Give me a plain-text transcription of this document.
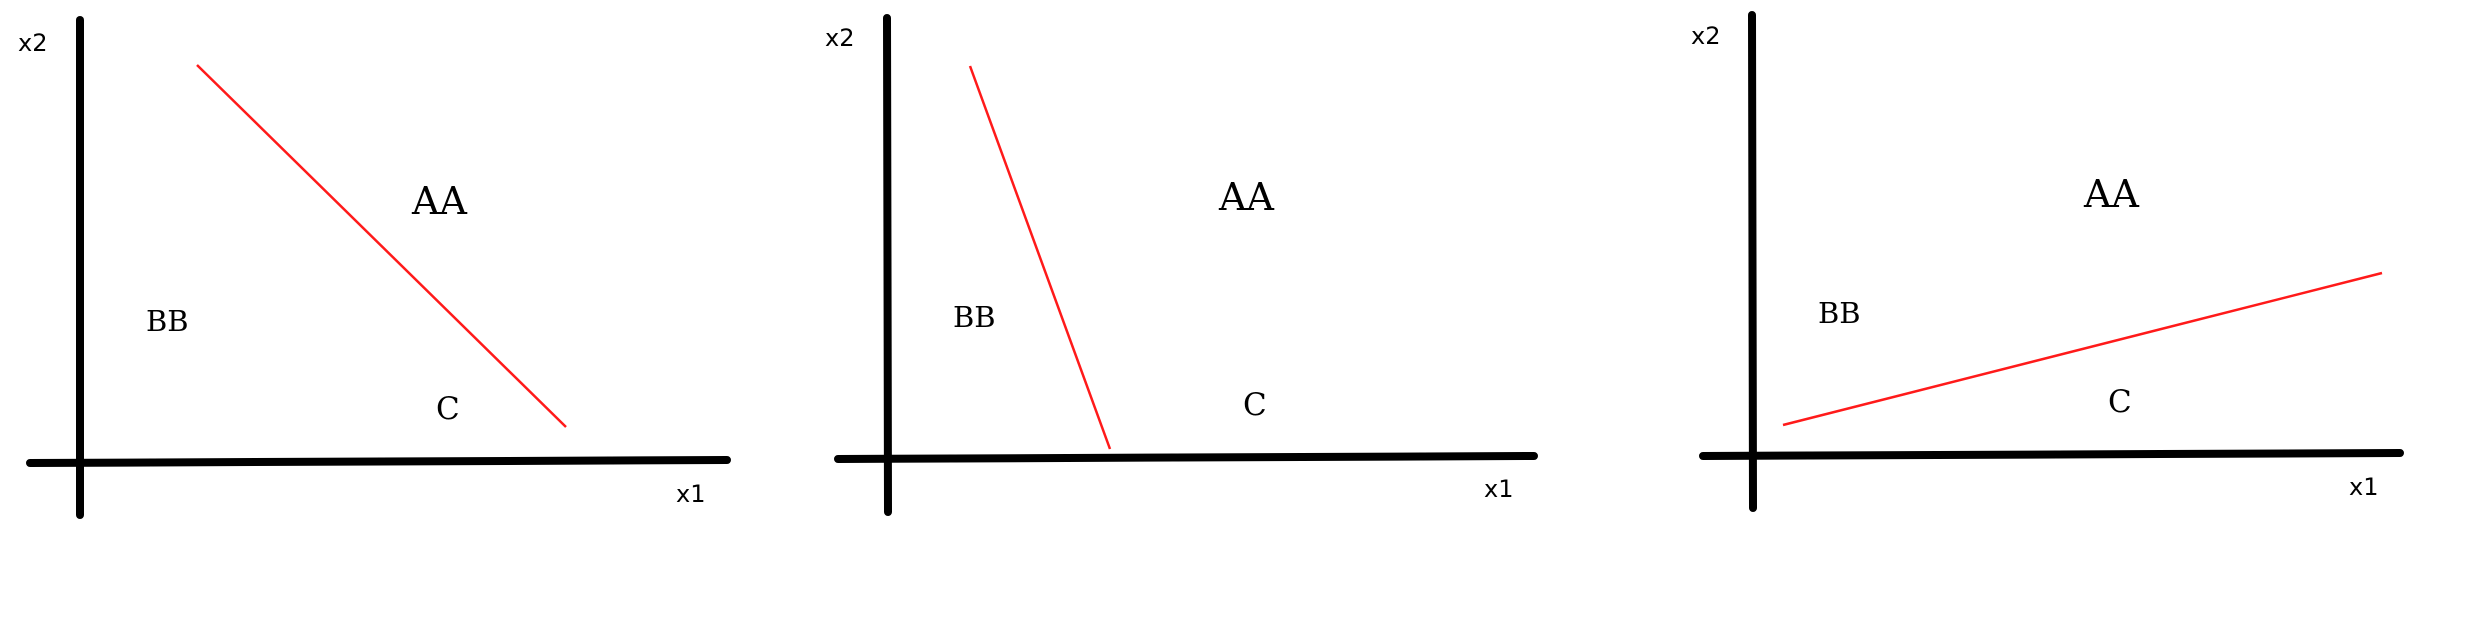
x2
x1
AA
BB
C
x2
x1
AA
BB
C
x2
x1
AA
BB
C
